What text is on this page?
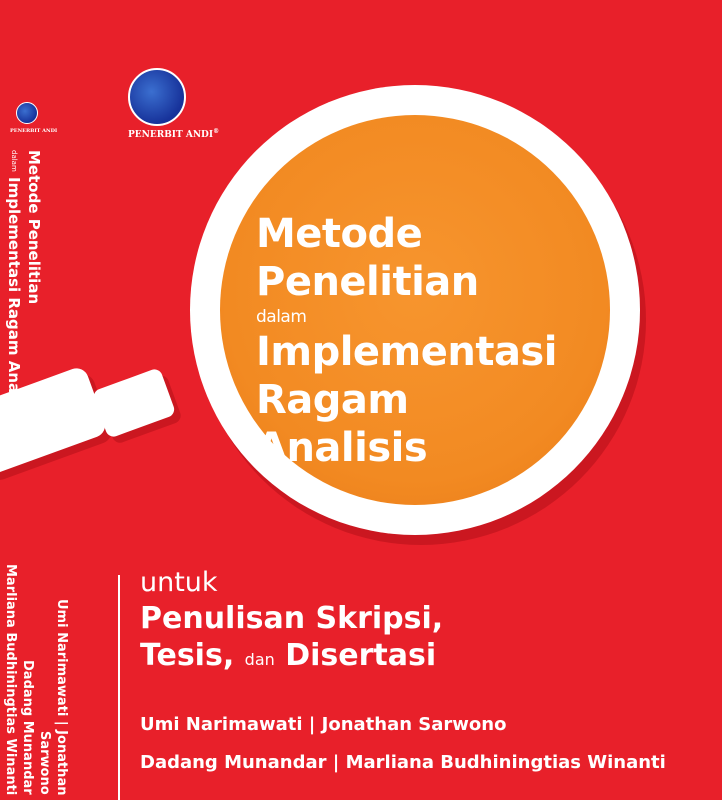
PENERBIT ANDI®
PENERBIT ANDI
Metode
Penelitian
dalam
Implementasi
Ragam
Analisis
Metode Penelitian
dalam Implementasi Ragam Analisis
Umi Narimawati | Jonathan Sarwono
Dadang Munandar
Marliana Budhiningtias Winanti	untuk
Penulisan Skripsi,
Tesis, dan Disertasi
Umi Narimawati | Jonathan Sarwono
Dadang Munandar | Marliana Budhiningtias Winanti
